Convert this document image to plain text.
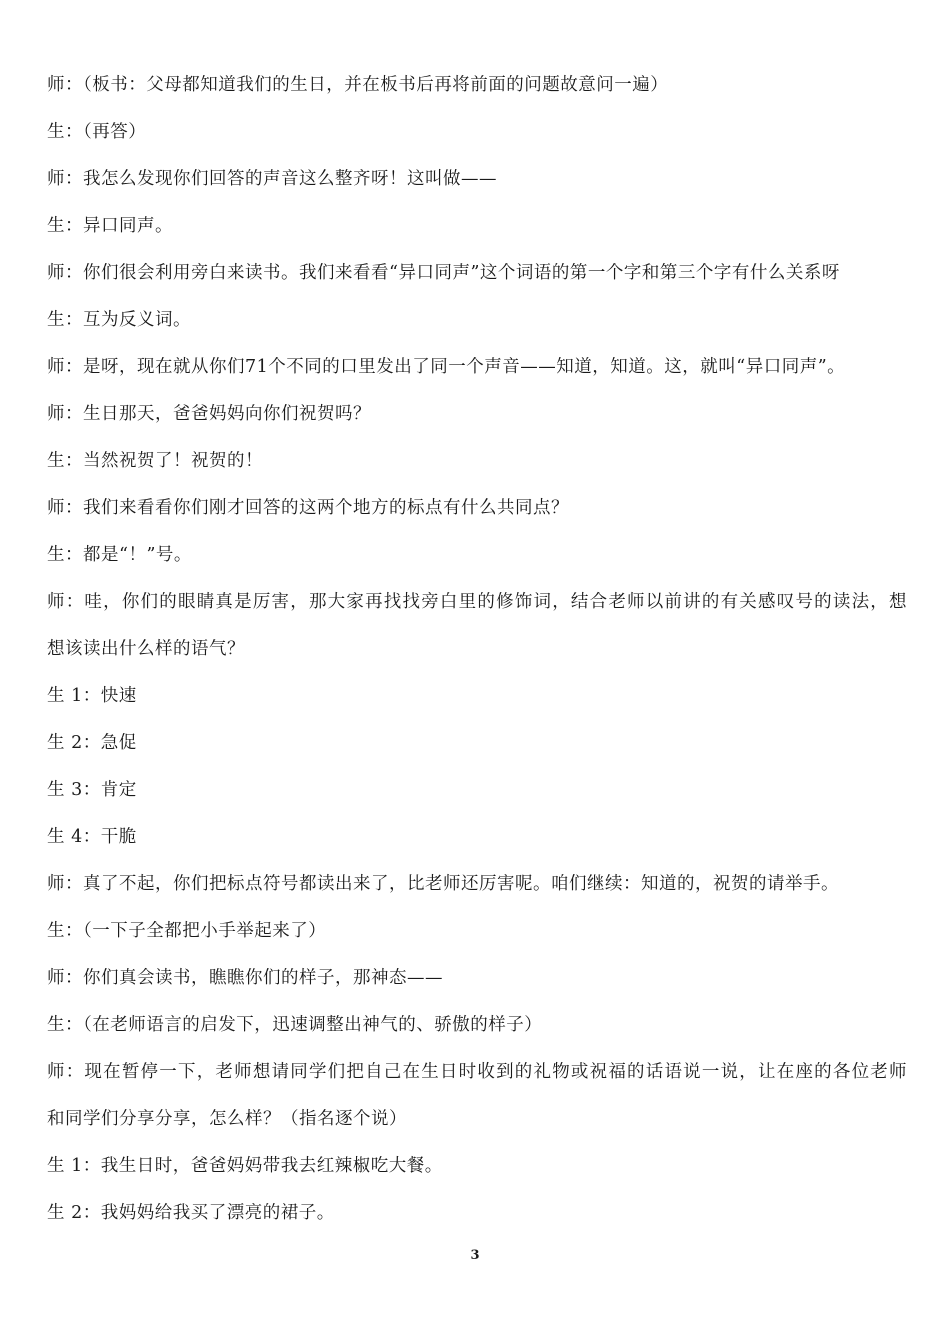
师：（板书：父母都知道我们的生日，并在板书后再将前面的问题故意问一遍）
生：（再答）
师：我怎么发现你们回答的声音这么整齐呀！这叫做——
生：异口同声。
师：你们很会利用旁白来读书。我们来看看“异口同声”这个词语的第一个字和第三个字有什么关系呀
生：互为反义词。
师：是呀，现在就从你们71个不同的口里发出了同一个声音——知道，知道。这，就叫“异口同声”。
师：生日那天，爸爸妈妈向你们祝贺吗？
生：当然祝贺了！祝贺的！
师：我们来看看你们刚才回答的这两个地方的标点有什么共同点？
生：都是“！”号。
师：哇，你们的眼睛真是厉害，那大家再找找旁白里的修饰词，结合老师以前讲的有关感叹号的读法，想
想该读出什么样的语气？
生 1：快速
生 2：急促
生 3：肯定
生 4：干脆
师：真了不起，你们把标点符号都读出来了，比老师还厉害呢。咱们继续：知道的，祝贺的请举手。
生：（一下子全都把小手举起来了）
师：你们真会读书，瞧瞧你们的样子，那神态——
生：（在老师语言的启发下，迅速调整出神气的、骄傲的样子）
师：现在暂停一下，老师想请同学们把自己在生日时收到的礼物或祝福的话语说一说，让在座的各位老师
和同学们分享分享，怎么样？（指名逐个说）
生 1：我生日时，爸爸妈妈带我去红辣椒吃大餐。
生 2：我妈妈给我买了漂亮的裙子。
3
